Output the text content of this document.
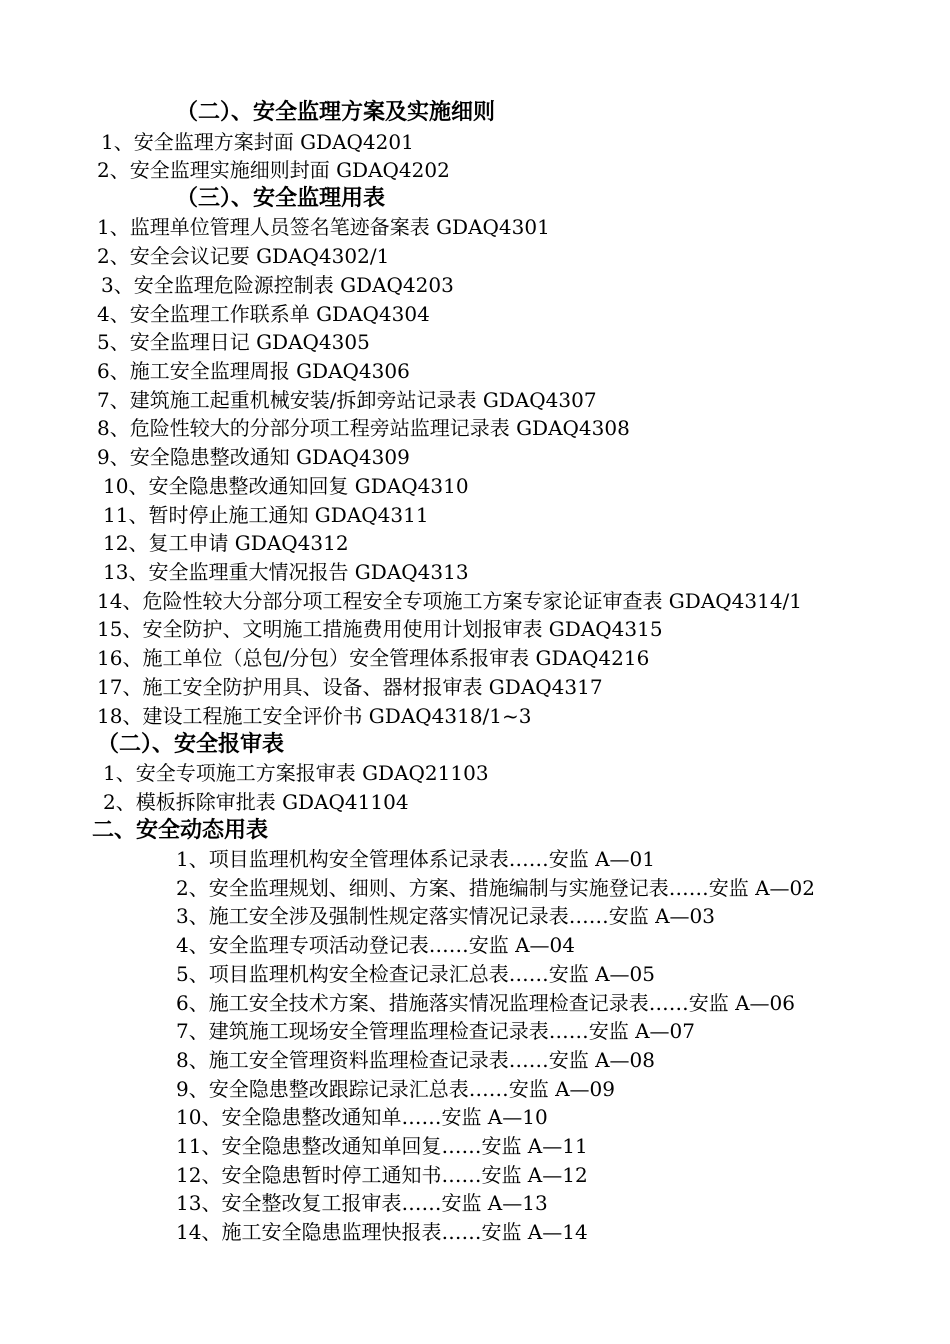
（二）、安全监理方案及实施细则
1、安全监理方案封面 GDAQ4201
2、安全监理实施细则封面 GDAQ4202
（三）、安全监理用表
1、监理单位管理人员签名笔迹备案表 GDAQ4301
2、安全会议记要 GDAQ4302/1
3、安全监理危险源控制表 GDAQ4203
4、安全监理工作联系单 GDAQ4304
5、安全监理日记 GDAQ4305
6、施工安全监理周报 GDAQ4306
7、建筑施工起重机械安装/拆卸旁站记录表 GDAQ4307
8、危险性较大的分部分项工程旁站监理记录表 GDAQ4308
9、安全隐患整改通知 GDAQ4309
10、安全隐患整改通知回复 GDAQ4310
11、暂时停止施工通知 GDAQ4311
12、复工申请 GDAQ4312
13、安全监理重大情况报告 GDAQ4313
14、危险性较大分部分项工程安全专项施工方案专家论证审查表 GDAQ4314/1
15、安全防护、文明施工措施费用使用计划报审表 GDAQ4315
16、施工单位（总包/分包）安全管理体系报审表 GDAQ4216
17、施工安全防护用具、设备、器材报审表 GDAQ4317
18、建设工程施工安全评价书 GDAQ4318/1~3
（二）、安全报审表
1、安全专项施工方案报审表 GDAQ21103
2、模板拆除审批表 GDAQ41104
二、安全动态用表
1、项目监理机构安全管理体系记录表……安监 A—01
2、安全监理规划、细则、方案、措施编制与实施登记表……安监 A—02
3、施工安全涉及强制性规定落实情况记录表……安监 A—03
4、安全监理专项活动登记表……安监 A—04
5、项目监理机构安全检查记录汇总表……安监 A—05
6、施工安全技术方案、措施落实情况监理检查记录表……安监 A—06
7、建筑施工现场安全管理监理检查记录表……安监 A—07
8、施工安全管理资料监理检查记录表……安监 A—08
9、安全隐患整改跟踪记录汇总表……安监 A—09
10、安全隐患整改通知单……安监 A—10
11、安全隐患整改通知单回复……安监 A—11
12、安全隐患暂时停工通知书……安监 A—12
13、安全整改复工报审表……安监 A—13
14、施工安全隐患监理快报表……安监 A—14
